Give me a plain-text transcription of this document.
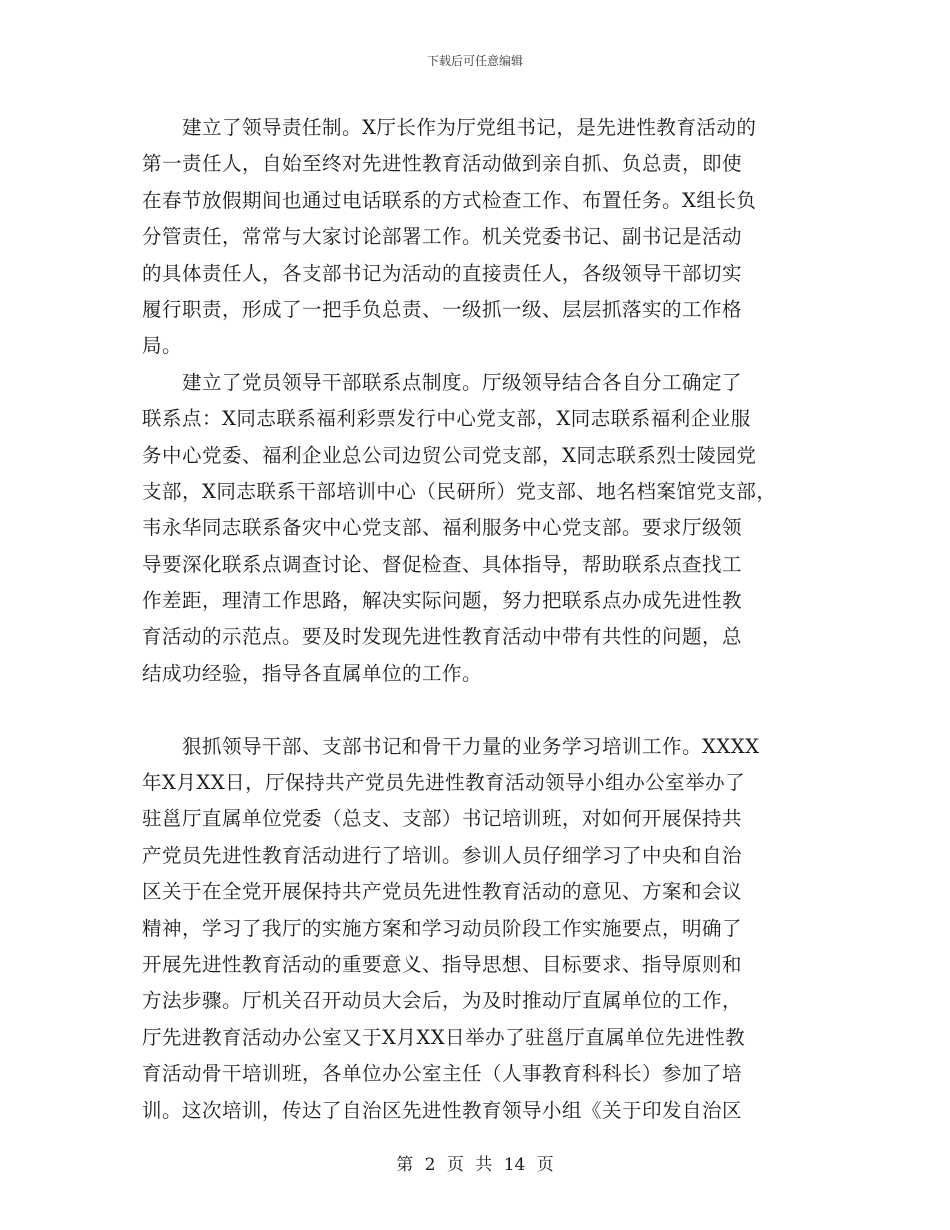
下载后可任意编辑
建立了领导责任制。X厅长作为厅党组书记，是先进性教育活动的
第一责任人，自始至终对先进性教育活动做到亲自抓、负总责，即使
在春节放假期间也通过电话联系的方式检查工作、布置任务。X组长负
分管责任，常常与大家讨论部署工作。机关党委书记、副书记是活动
的具体责任人，各支部书记为活动的直接责任人，各级领导干部切实
履行职责，形成了一把手负总责、一级抓一级、层层抓落实的工作格
局。
建立了党员领导干部联系点制度。厅级领导结合各自分工确定了
联系点：X同志联系福利彩票发行中心党支部，X同志联系福利企业服
务中心党委、福利企业总公司边贸公司党支部，X同志联系烈士陵园党
支部，X同志联系干部培训中心（民研所）党支部、地名档案馆党支部，
韦永华同志联系备灾中心党支部、福利服务中心党支部。要求厅级领
导要深化联系点调查讨论、督促检查、具体指导，帮助联系点查找工
作差距，理清工作思路，解决实际问题，努力把联系点办成先进性教
育活动的示范点。要及时发现先进性教育活动中带有共性的问题，总
结成功经验，指导各直属单位的工作。
狠抓领导干部、支部书记和骨干力量的业务学习培训工作。XXXX
年X月XX日，厅保持共产党员先进性教育活动领导小组办公室举办了
驻邕厅直属单位党委（总支、支部）书记培训班，对如何开展保持共
产党员先进性教育活动进行了培训。参训人员仔细学习了中央和自治
区关于在全党开展保持共产党员先进性教育活动的意见、方案和会议
精神，学习了我厅的实施方案和学习动员阶段工作实施要点，明确了
开展先进性教育活动的重要意义、指导思想、目标要求、指导原则和
方法步骤。厅机关召开动员大会后，为及时推动厅直属单位的工作，
厅先进教育活动办公室又于X月XX日举办了驻邕厅直属单位先进性教
育活动骨干培训班，各单位办公室主任（人事教育科科长）参加了培
训。这次培训，传达了自治区先进性教育领导小组《关于印发自治区
第 2 页 共 14 页
